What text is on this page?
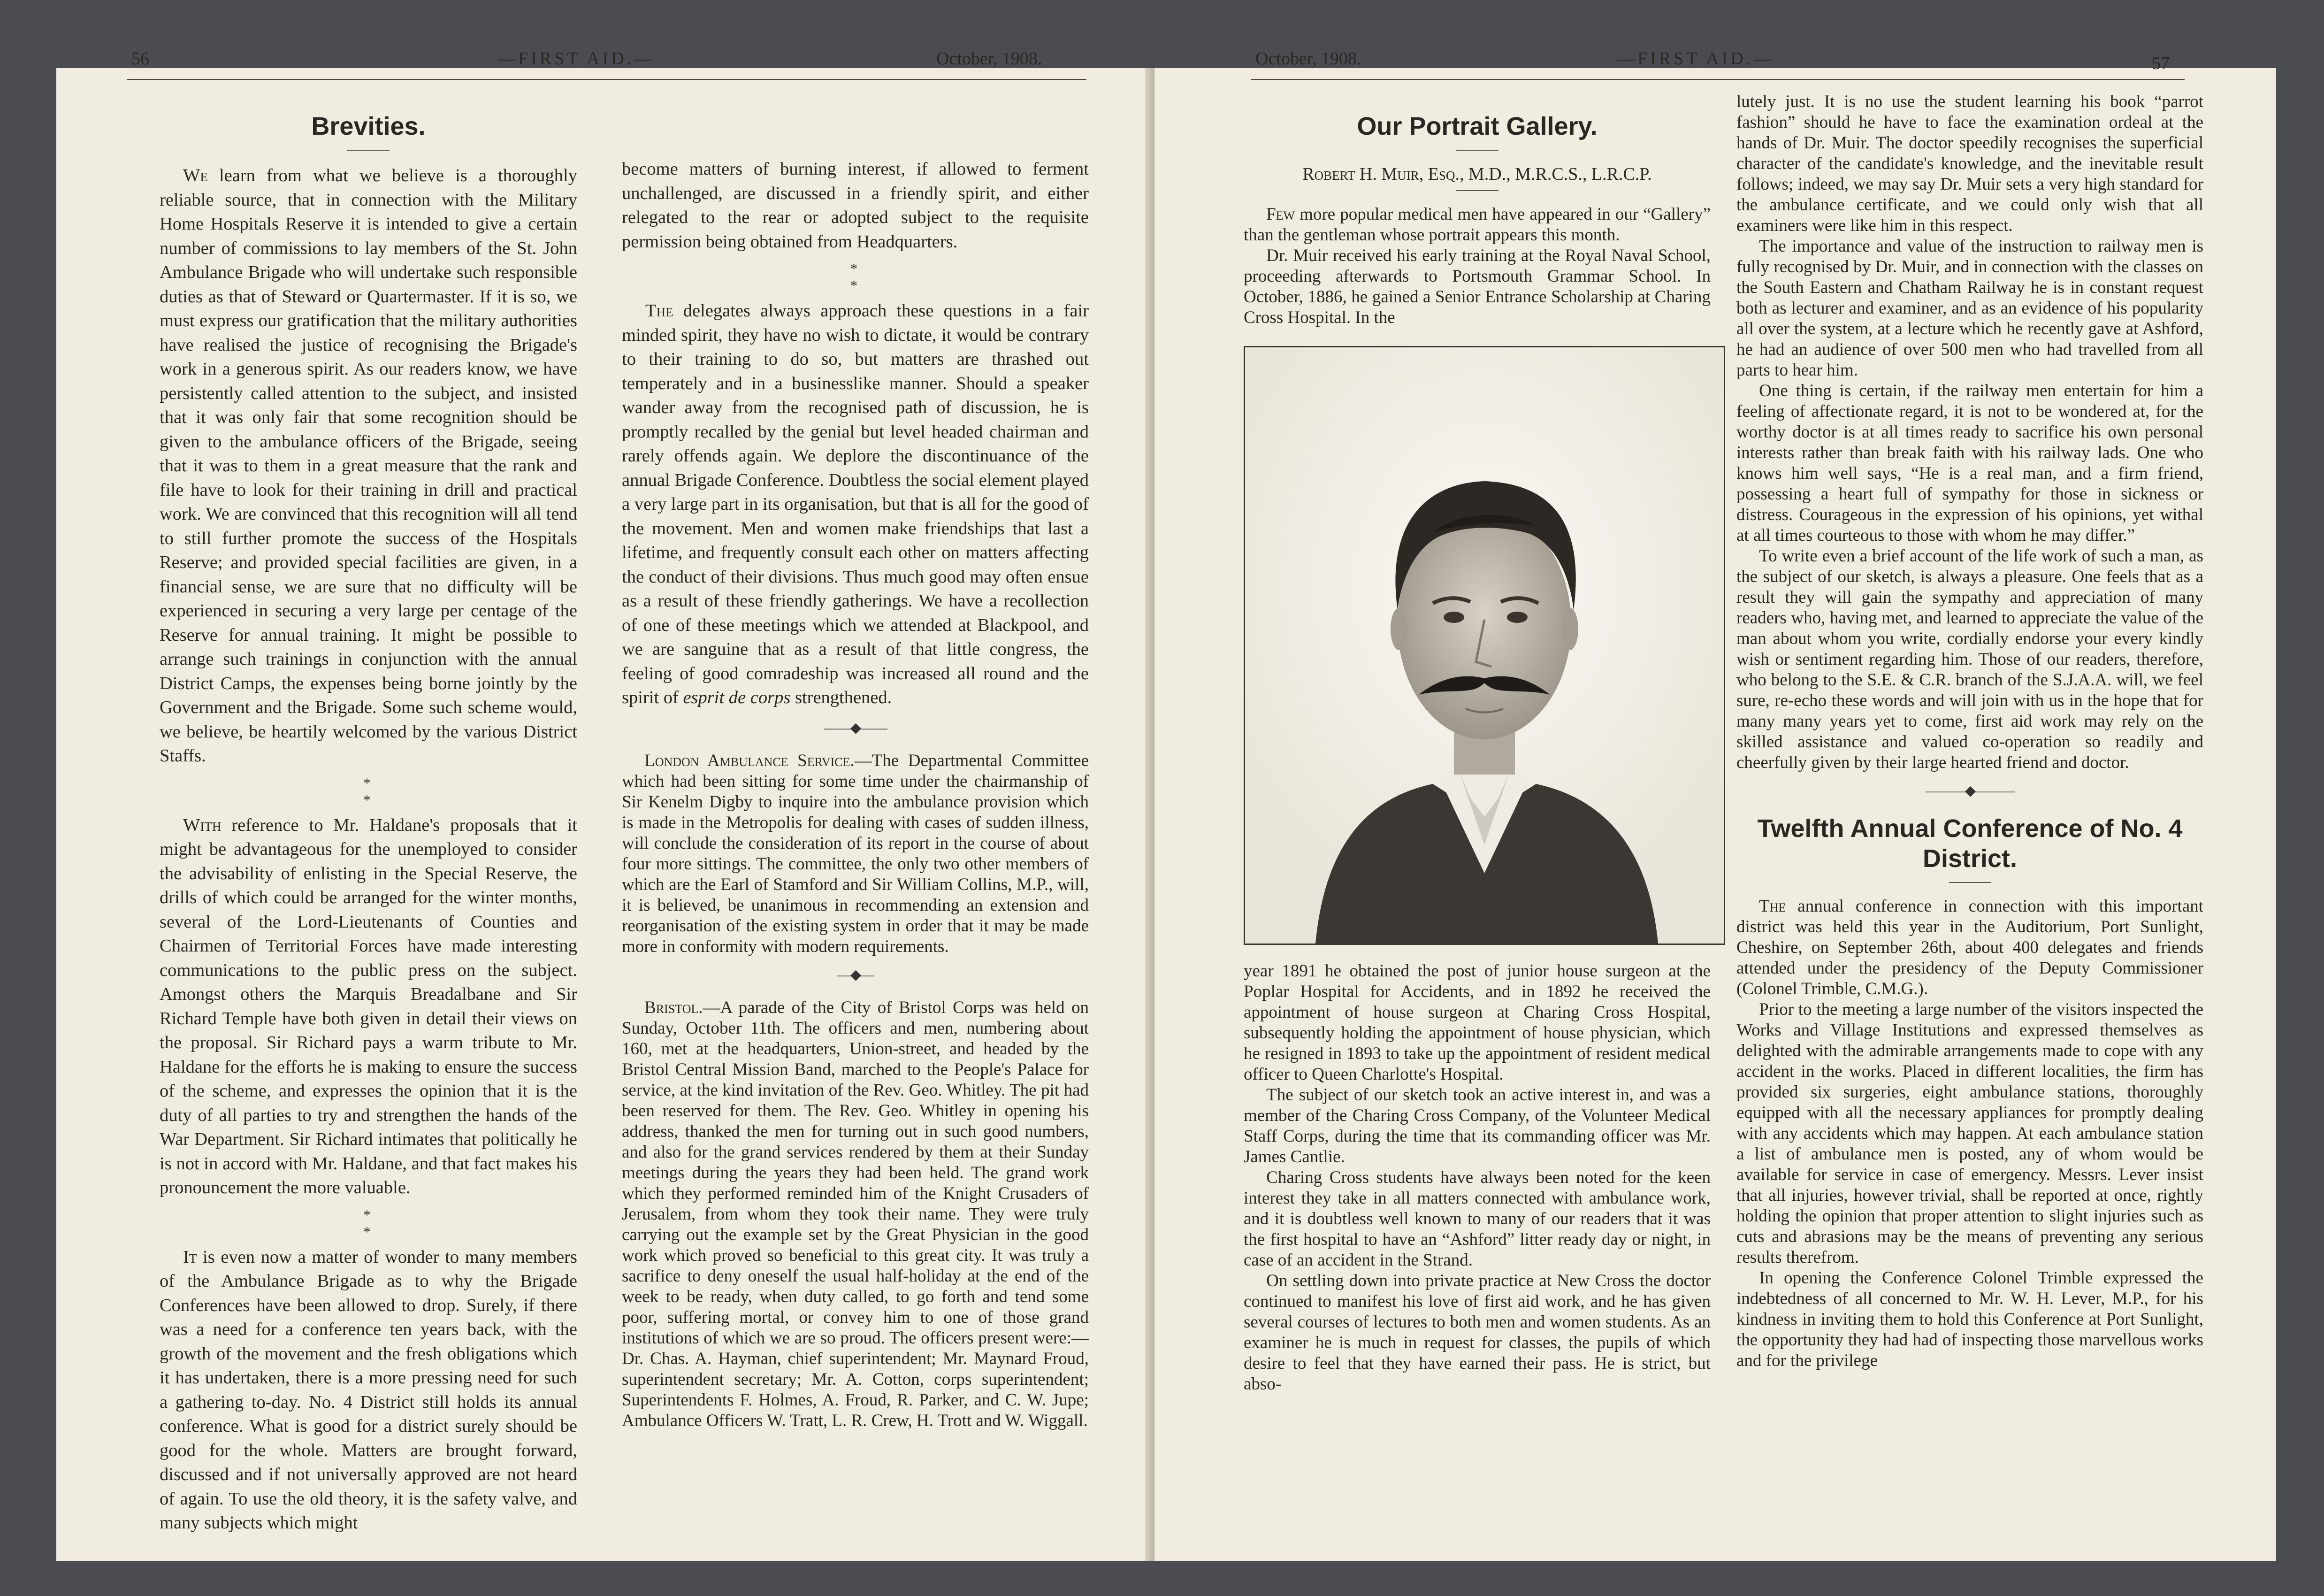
56	—FIRST AID.—	October, 1908.
Brevities.

We learn from what we believe is a thoroughly reliable source, that in connection with the Military Home Hospitals Reserve it is intended to give a certain number of commissions to lay members of the St. John Ambulance Brigade who will undertake such responsible duties as that of Steward or Quartermaster. If it is so, we must express our gratification that the military authorities have realised the justice of recognising the Brigade's work in a generous spirit. As our readers know, we have persistently called attention to the subject, and insisted that it was only fair that some recognition should be given to the ambulance officers of the Brigade, seeing that it was to them in a great measure that the rank and file have to look for their training in drill and practical work. We are convinced that this recognition will all tend to still further promote the success of the Hospitals Reserve; and provided special facilities are given, in a financial sense, we are sure that no difficulty will be experienced in securing a very large per centage of the Reserve for annual training. It might be possible to arrange such trainings in conjunction with the annual District Camps, the expenses being borne jointly by the Government and the Brigade. Some such scheme would, we believe, be heartily welcomed by the various District Staffs.

*
*

With reference to Mr. Haldane's proposals that it might be advantageous for the unemployed to consider the advisability of enlisting in the Special Reserve, the drills of which could be arranged for the winter months, several of the Lord-Lieutenants of Counties and Chairmen of Territorial Forces have made interesting communications to the public press on the subject. Amongst others the Marquis Breadalbane and Sir Richard Temple have both given in detail their views on the proposal. Sir Richard pays a warm tribute to Mr. Haldane for the efforts he is making to ensure the success of the scheme, and expresses the opinion that it is the duty of all parties to try and strengthen the hands of the War Department. Sir Richard intimates that politically he is not in accord with Mr. Haldane, and that fact makes his pronouncement the more valuable.

*
*

It is even now a matter of wonder to many members of the Ambulance Brigade as to why the Brigade Conferences have been allowed to drop. Surely, if there was a need for a conference ten years back, with the growth of the movement and the fresh obligations which it has undertaken, there is a more pressing need for such a gathering to-day. No. 4 District still holds its annual conference. What is good for a district surely should be good for the whole. Matters are brought forward, discussed and if not universally approved are not heard of again. To use the old theory, it is the safety valve, and many subjects which might

become matters of burning interest, if allowed to ferment unchallenged, are discussed in a friendly spirit, and either relegated to the rear or adopted subject to the requisite permission being obtained from Headquarters.

*
*

The delegates always approach these questions in a fair minded spirit, they have no wish to dictate, it would be contrary to their training to do so, but matters are thrashed out temperately and in a businesslike manner. Should a speaker wander away from the recognised path of discussion, he is promptly recalled by the genial but level headed chairman and rarely offends again. We deplore the discontinuance of the annual Brigade Conference. Doubtless the social element played a very large part in its organisation, but that is all for the good of the movement. Men and women make friendships that last a lifetime, and frequently consult each other on matters affecting the conduct of their divisions. Thus much good may often ensue as a result of these friendly gatherings. We have a recollection of one of these meetings which we attended at Blackpool, and we are sanguine that as a result of that little congress, the feeling of good comradeship was increased all round and the spirit of esprit de corps strengthened.

——◆——

London Ambulance Service.—The Departmental Committee which had been sitting for some time under the chairmanship of Sir Kenelm Digby to inquire into the ambulance provision which is made in the Metropolis for dealing with cases of sudden illness, will conclude the consideration of its report in the course of about four more sittings. The committee, the only two other members of which are the Earl of Stamford and Sir William Collins, M.P., will, it is believed, be unanimous in recommending an extension and reorganisation of the existing system in order that it may be made more in conformity with modern requirements.

—◆—

Bristol.—A parade of the City of Bristol Corps was held on Sunday, October 11th. The officers and men, numbering about 160, met at the headquarters, Union-street, and headed by the Bristol Central Mission Band, marched to the People's Palace for service, at the kind invitation of the Rev. Geo. Whitley. The pit had been reserved for them. The Rev. Geo. Whitley in opening his address, thanked the men for turning out in such good numbers, and also for the grand services rendered by them at their Sunday meetings during the years they had been held. The grand work which they performed reminded him of the Knight Crusaders of Jerusalem, from whom they took their name. They were truly carrying out the example set by the Great Physician in the good work which proved so beneficial to this great city. It was truly a sacrifice to deny oneself the usual half-holiday at the end of the week to be ready, when duty called, to go forth and tend some poor, suffering mortal, or convey him to one of those grand institutions of which we are so proud. The officers present were:—Dr. Chas. A. Hayman, chief superintendent; Mr. Maynard Froud, superintendent secretary; Mr. A. Cotton, corps superintendent; Superintendents F. Holmes, A. Froud, R. Parker, and C. W. Jupe; Ambulance Officers W. Tratt, L. R. Crew, H. Trott and W. Wiggall.

October, 1908.	—FIRST AID.—	57
Our Portrait Gallery.
Robert H. Muir, Esq., M.D., M.R.C.S., L.R.C.P.

Few more popular medical men have appeared in our “Gallery” than the gentleman whose portrait appears this month.

Dr. Muir received his early training at the Royal Naval School, proceeding afterwards to Portsmouth Grammar School. In October, 1886, he gained a Senior Entrance Scholarship at Charing Cross Hospital. In the

year 1891 he obtained the post of junior house surgeon at the Poplar Hospital for Accidents, and in 1892 he received the appointment of house surgeon at Charing Cross Hospital, subsequently holding the appointment of house physician, which he resigned in 1893 to take up the appointment of resident medical officer to Queen Charlotte's Hospital.

The subject of our sketch took an active interest in, and was a member of the Charing Cross Company, of the Volunteer Medical Staff Corps, during the time that its commanding officer was Mr. James Cantlie.

Charing Cross students have always been noted for the keen interest they take in all matters connected with ambulance work, and it is doubtless well known to many of our readers that it was the first hospital to have an “Ashford” litter ready day or night, in case of an accident in the Strand.

On settling down into private practice at New Cross the doctor continued to manifest his love of first aid work, and he has given several courses of lectures to both men and women students. As an examiner he is much in request for classes, the pupils of which desire to feel that they have earned their pass. He is strict, but abso-

lutely just. It is no use the student learning his book “parrot fashion” should he have to face the examination ordeal at the hands of Dr. Muir. The doctor speedily recognises the superficial character of the candidate's knowledge, and the inevitable result follows; indeed, we may say Dr. Muir sets a very high standard for the ambulance certificate, and we could only wish that all examiners were like him in this respect.

The importance and value of the instruction to railway men is fully recognised by Dr. Muir, and in connection with the classes on the South Eastern and Chatham Railway he is in constant request both as lecturer and examiner, and as an evidence of his popularity all over the system, at a lecture which he recently gave at Ashford, he had an audience of over 500 men who had travelled from all parts to hear him.

One thing is certain, if the railway men entertain for him a feeling of affectionate regard, it is not to be wondered at, for the worthy doctor is at all times ready to sacrifice his own personal interests rather than break faith with his railway lads. One who knows him well says, “He is a real man, and a firm friend, possessing a heart full of sympathy for those in sickness or distress. Courageous in the expression of his opinions, yet withal at all times courteous to those with whom he may differ.”

To write even a brief account of the life work of such a man, as the subject of our sketch, is always a pleasure. One feels that as a result they will gain the sympathy and appreciation of many readers who, having met, and learned to appreciate the value of the man about whom you write, cordially endorse your every kindly wish or sentiment regarding him. Those of our readers, therefore, who belong to the S.E. & C.R. branch of the S.J.A.A. will, we feel sure, re-echo these words and will join with us in the hope that for many many years yet to come, first aid work may rely on the skilled assistance and valued co-operation so readily and cheerfully given by their large hearted friend and doctor.

———◆———
Twelfth Annual Conference of No. 4 District.

The annual conference in connection with this important district was held this year in the Auditorium, Port Sunlight, Cheshire, on September 26th, about 400 delegates and friends attended under the presidency of the Deputy Commissioner (Colonel Trimble, C.M.G.).

Prior to the meeting a large number of the visitors inspected the Works and Village Institutions and expressed themselves as delighted with the admirable arrangements made to cope with any accident in the works. Placed in different localities, the firm has provided six surgeries, eight ambulance stations, thoroughly equipped with all the necessary appliances for promptly dealing with any accidents which may happen. At each ambulance station a list of ambulance men is posted, any of whom would be available for service in case of emergency. Messrs. Lever insist that all injuries, however trivial, shall be reported at once, rightly holding the opinion that proper attention to slight injuries such as cuts and abrasions may be the means of preventing any serious results therefrom.

In opening the Conference Colonel Trimble expressed the indebtedness of all concerned to Mr. W. H. Lever, M.P., for his kindness in inviting them to hold this Conference at Port Sunlight, the opportunity they had had of inspecting those marvellous works and for the privilege
